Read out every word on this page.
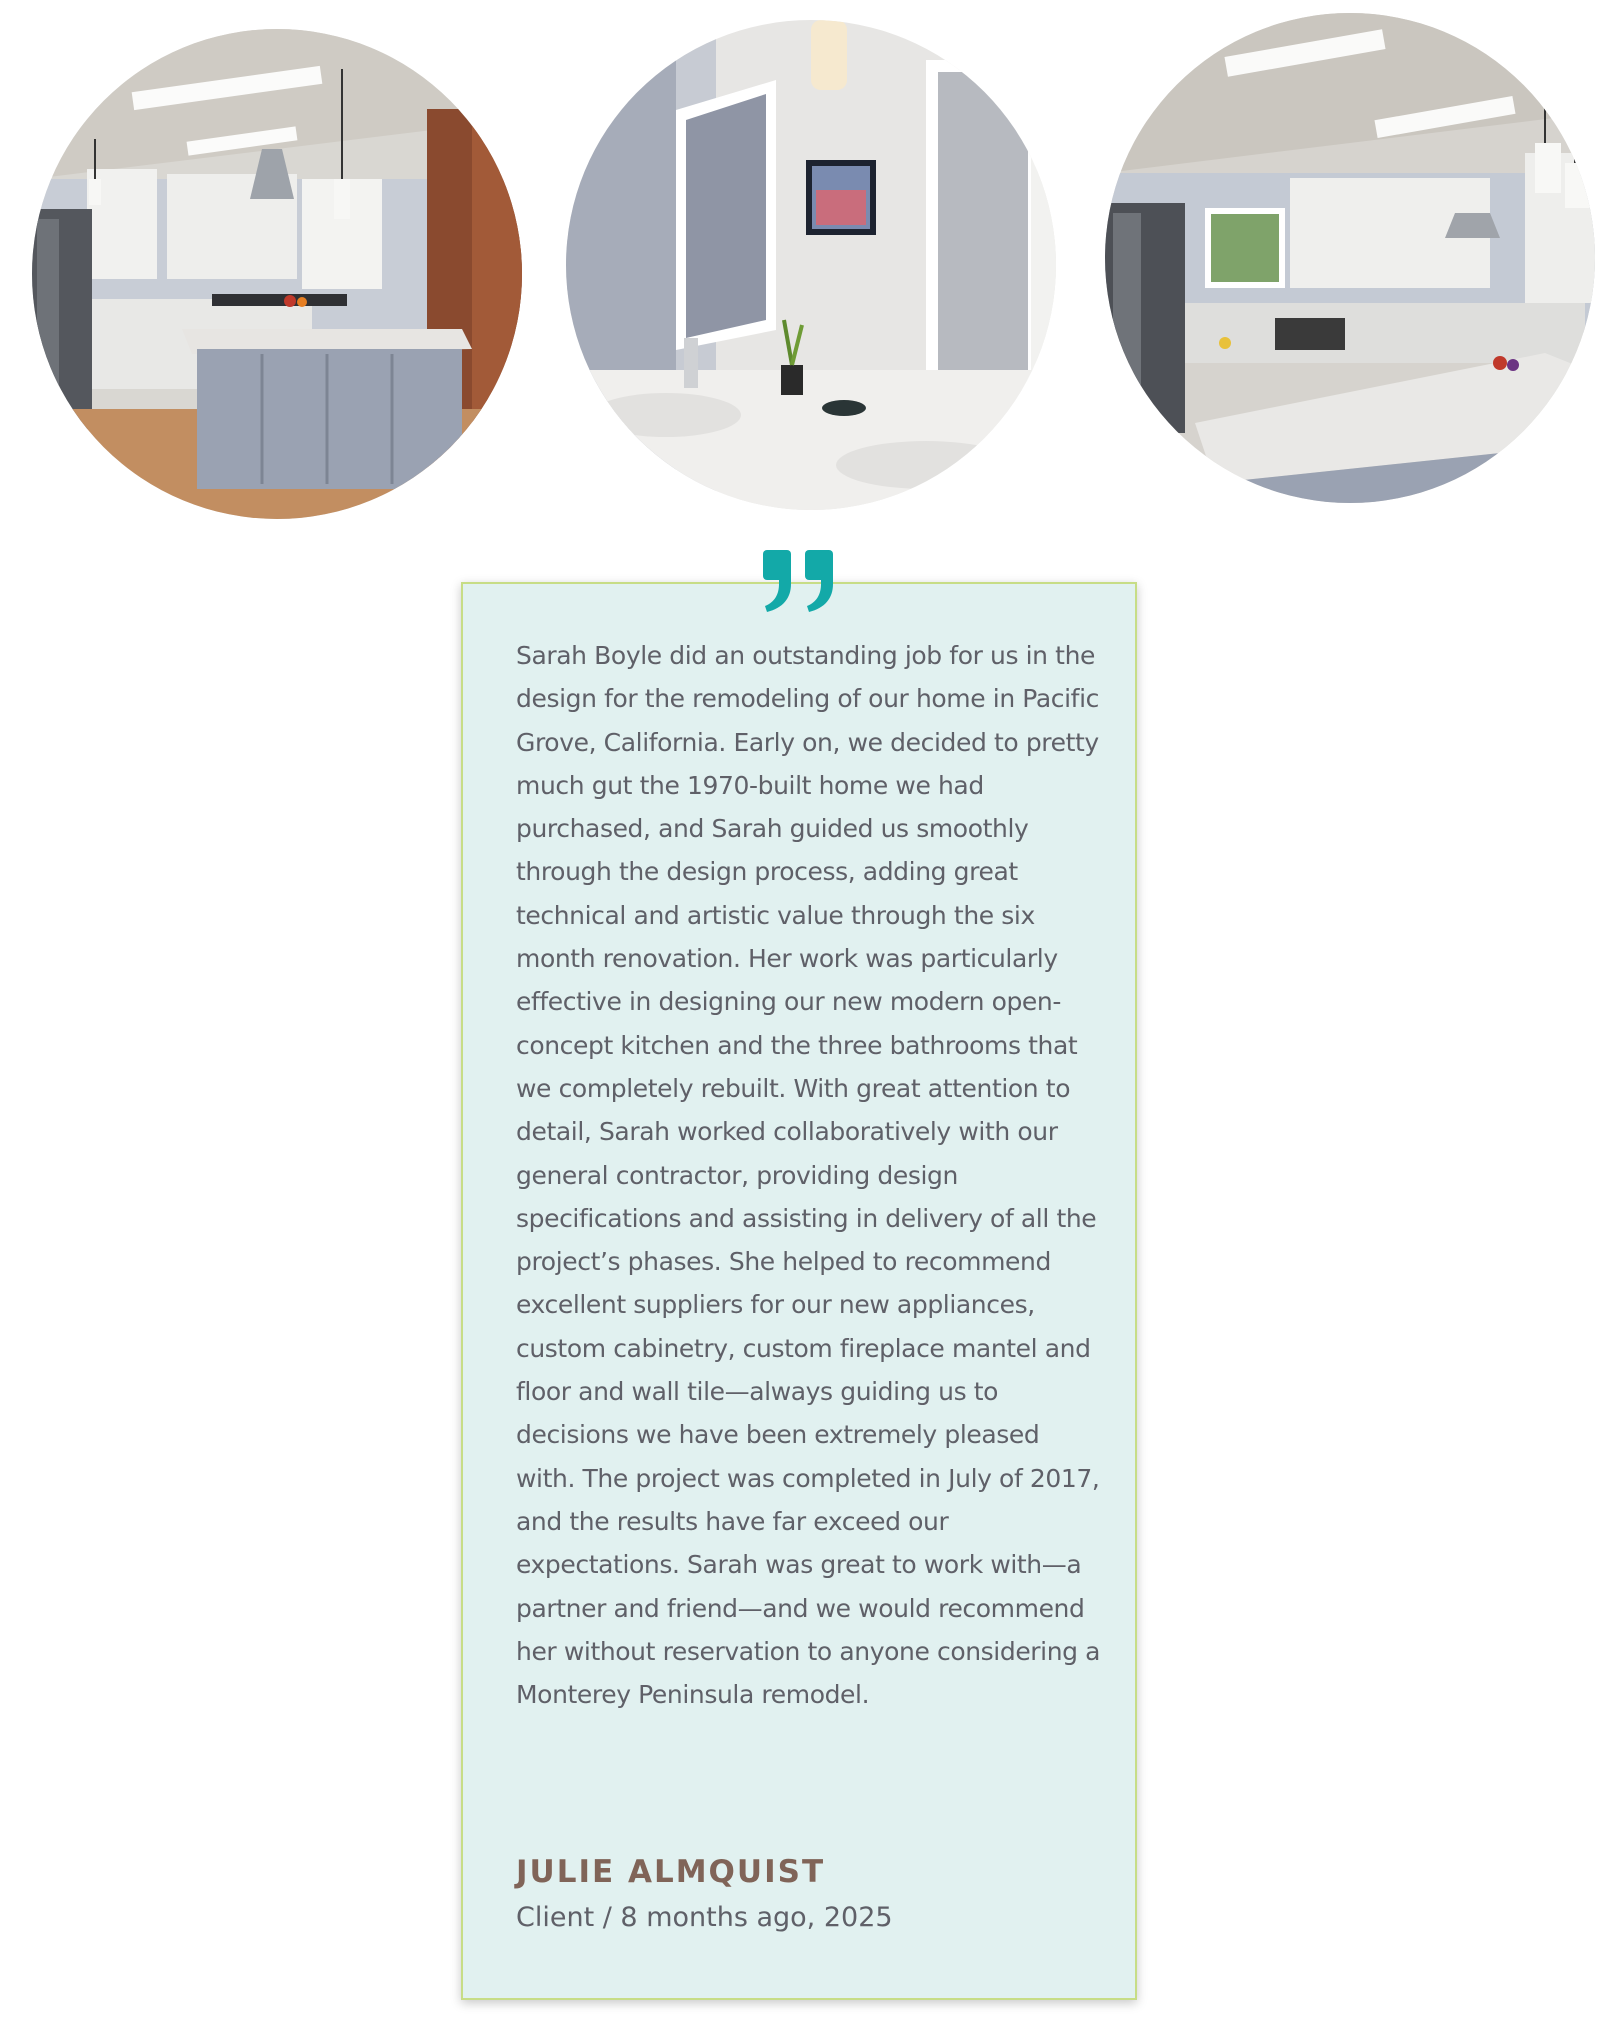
Sarah Boyle did an outstanding job for us in the design for the remodeling of our home in Pacific Grove, California. Early on, we decided to pretty much gut the 1970-built home we had purchased, and Sarah guided us smoothly through the design process, adding great technical and artistic value through the six month renovation. Her work was particularly effective in designing our new modern open-concept kitchen and the three bathrooms that we completely rebuilt. With great attention to detail, Sarah worked collaboratively with our general contractor, providing design specifications and assisting in delivery of all the project’s phases. She helped to recommend excellent suppliers for our new appliances, custom cabinetry, custom fireplace mantel and floor and wall tile—always guiding us to decisions we have been extremely pleased with. The project was completed in July of 2017, and the results have far exceed our expectations. Sarah was great to work with—a partner and friend—and we would recommend her without reservation to anyone considering a Monterey Peninsula remodel.

JULIE ALMQUIST

Client / 8 months ago, 2025
